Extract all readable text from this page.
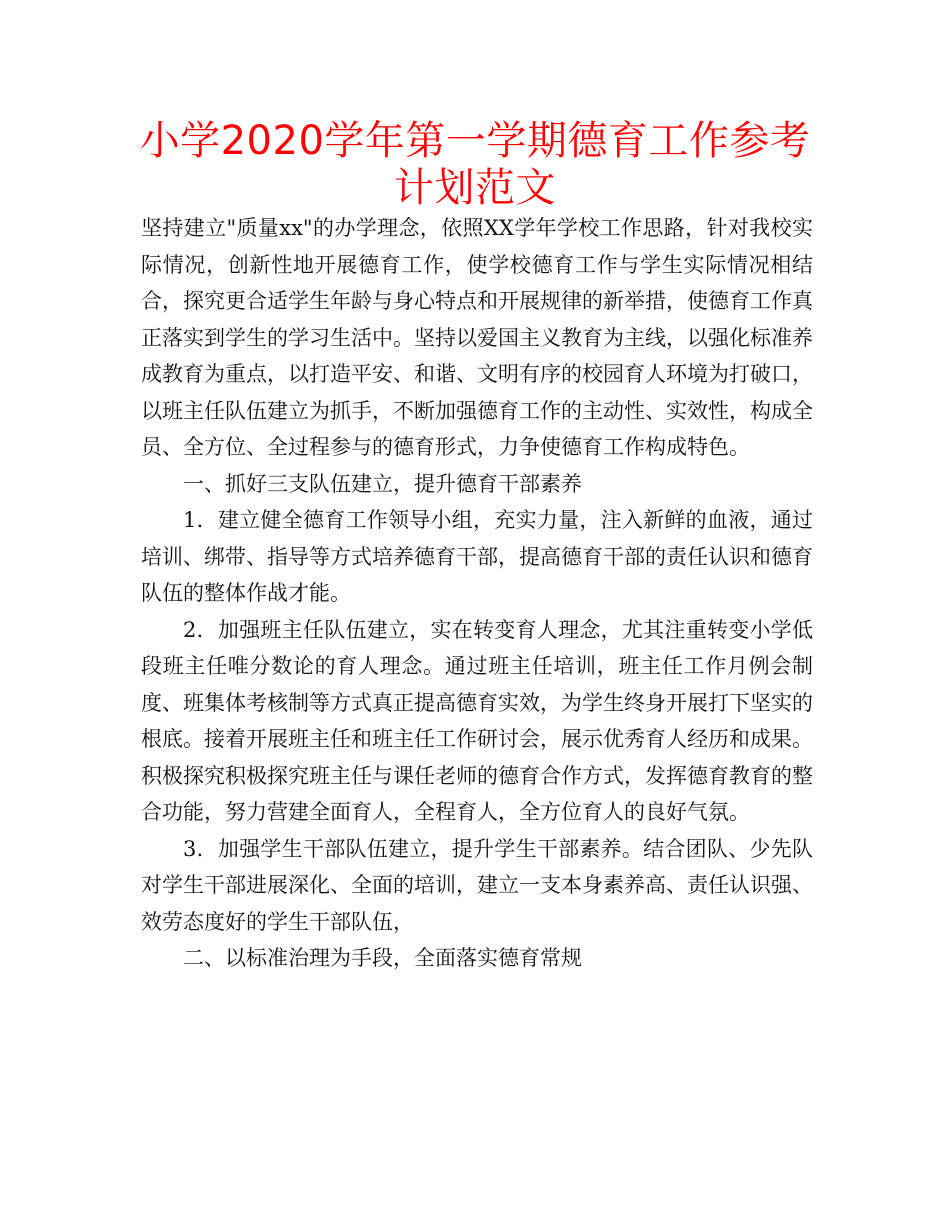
小学2020学年第一学期德育工作参考计划范文

坚持建立"质量xx"的办学理念，依照XX学年学校工作思路，针对我校实际情况，创新性地开展德育工作，使学校德育工作与学生实际情况相结合，探究更合适学生年龄与身心特点和开展规律的新举措，使德育工作真正落实到学生的学习生活中。坚持以爱国主义教育为主线，以强化标准养成教育为重点，以打造平安、和谐、文明有序的校园育人环境为打破口，以班主任队伍建立为抓手，不断加强德育工作的主动性、实效性，构成全员、全方位、全过程参与的德育形式，力争使德育工作构成特色。

一、抓好三支队伍建立，提升德育干部素养

1．建立健全德育工作领导小组，充实力量，注入新鲜的血液，通过培训、绑带、指导等方式培养德育干部，提高德育干部的责任认识和德育队伍的整体作战才能。

2．加强班主任队伍建立，实在转变育人理念，尤其注重转变小学低段班主任唯分数论的育人理念。通过班主任培训，班主任工作月例会制度、班集体考核制等方式真正提高德育实效，为学生终身开展打下坚实的根底。接着开展班主任和班主任工作研讨会，展示优秀育人经历和成果。积极探究积极探究班主任与课任老师的德育合作方式，发挥德育教育的整合功能，努力营建全面育人，全程育人，全方位育人的良好气氛。

3．加强学生干部队伍建立，提升学生干部素养。结合团队、少先队对学生干部进展深化、全面的培训，建立一支本身素养高、责任认识强、效劳态度好的学生干部队伍，

二、以标准治理为手段，全面落实德育常规
